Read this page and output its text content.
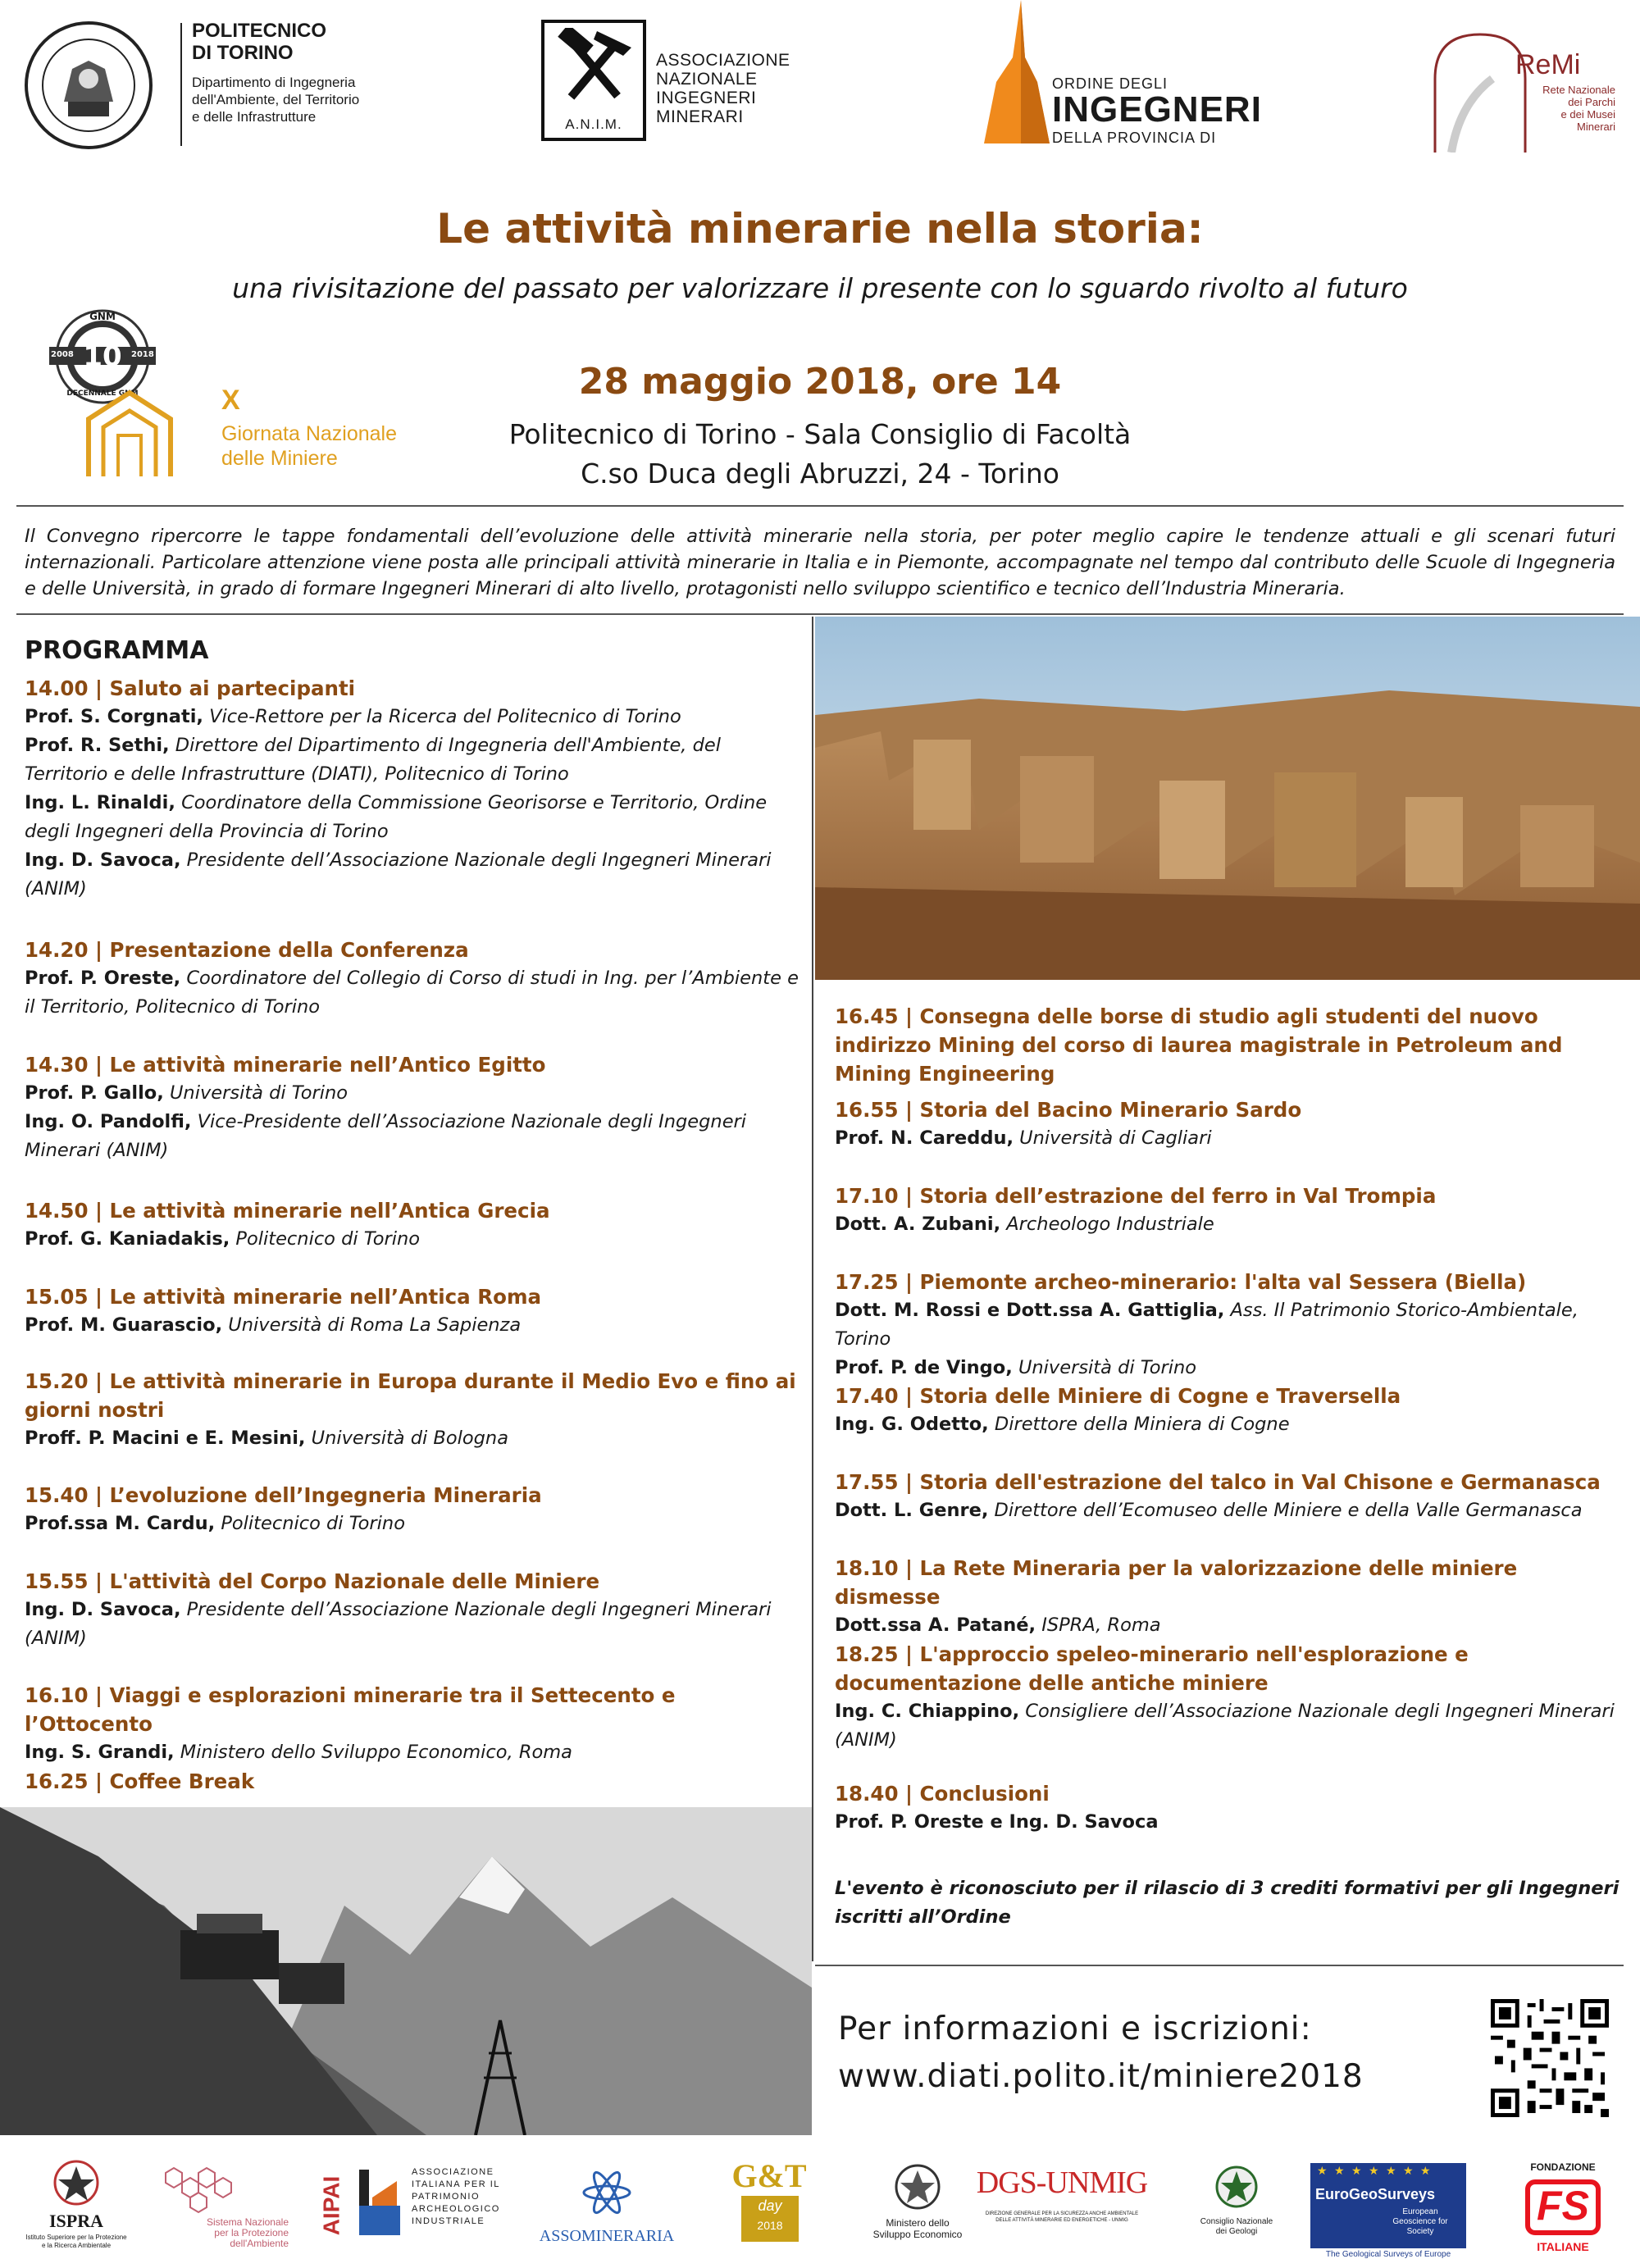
POLITECNICO
DI TORINO
Dipartimento di Ingegneria
dell'Ambiente, del Territorio
e delle Infrastrutture	A.N.I.M.
ASSOCIAZIONE
NAZIONALE
INGEGNERI
MINERARI
ORDINE DEGLI
INGEGNERI
DELLA PROVINCIA DI
ReMi
Rete Nazionale
dei Parchi
e dei Musei
Minerari
Le attività minerarie nella storia:
una rivisitazione del passato per valorizzare il presente con lo sguardo rivolto al futuro
10
GNM
2008	2018
DECENNALE GNM	X
Giornata Nazionale
delle Miniere
28 maggio 2018, ore 14
Politecnico di Torino - Sala Consiglio di Facoltà
C.so Duca degli Abruzzi, 24 - Torino
Il Convegno ripercorre le tappe fondamentali dell’evoluzione delle attività minerarie nella storia, per poter meglio capire le tendenze attuali e gli scenari futuri internazionali. Particolare attenzione viene posta alle principali attività minerarie in Italia e in Piemonte, accompagnate nel tempo dal contributo delle Scuole di Ingegneria e delle Università, in grado di formare Ingegneri Minerari di alto livello, protagonisti nello sviluppo scientifico e tecnico dell’Industria Mineraria.
PROGRAMMA
14.00 | Saluto ai partecipanti
Prof. S. Corgnati, Vice-Rettore per la Ricerca del Politecnico di Torino
Prof. R. Sethi, Direttore del Dipartimento di Ingegneria dell'Ambiente, del Territorio e delle Infrastrutture (DIATI), Politecnico di Torino
Ing. L. Rinaldi, Coordinatore della Commissione Georisorse e Territorio, Ordine degli Ingegneri della Provincia di Torino
Ing. D. Savoca, Presidente dell’Associazione Nazionale degli Ingegneri Minerari (ANIM)
14.20 | Presentazione della Conferenza
Prof. P. Oreste, Coordinatore del Collegio di Corso di studi in Ing. per l’Ambiente e il Territorio, Politecnico di Torino
14.30 | Le attività minerarie nell’Antico Egitto
Prof. P. Gallo, Università di Torino
Ing. O. Pandolfi, Vice-Presidente dell’Associazione Nazionale degli Ingegneri Minerari (ANIM)
14.50 | Le attività minerarie nell’Antica Grecia
Prof. G. Kaniadakis, Politecnico di Torino
15.05 | Le attività minerarie nell’Antica Roma
Prof. M. Guarascio, Università di Roma La Sapienza
15.20 | Le attività minerarie in Europa durante il Medio Evo e fino ai giorni nostri
Proff. P. Macini e E. Mesini, Università di Bologna
15.40 | L’evoluzione dell’Ingegneria Mineraria
Prof.ssa M. Cardu, Politecnico di Torino
15.55 | L'attività del Corpo Nazionale delle Miniere
Ing. D. Savoca, Presidente dell’Associazione Nazionale degli Ingegneri Minerari (ANIM)
16.10 | Viaggi e esplorazioni minerarie tra il Settecento e l’Ottocento
Ing. S. Grandi, Ministero dello Sviluppo Economico, Roma
16.25 | Coffee Break
16.45 | Consegna delle borse di studio agli studenti del nuovo indirizzo Mining del corso di laurea magistrale in Petroleum and Mining Engineering
16.55 | Storia del Bacino Minerario Sardo
Prof. N. Careddu, Università di Cagliari
17.10 | Storia dell’estrazione del ferro in Val Trompia
Dott. A. Zubani, Archeologo Industriale
17.25 | Piemonte archeo-minerario: l'alta val Sessera (Biella)
Dott. M. Rossi e Dott.ssa A. Gattiglia, Ass. Il Patrimonio Storico-Ambientale, Torino
Prof. P. de Vingo, Università di Torino
17.40 | Storia delle Miniere di Cogne e Traversella
Ing. G. Odetto, Direttore della Miniera di Cogne
17.55 | Storia dell'estrazione del talco in Val Chisone e Germanasca
Dott. L. Genre, Direttore dell’Ecomuseo delle Miniere e della Valle Germanasca
18.10 | La Rete Mineraria per la valorizzazione delle miniere dismesse
Dott.ssa A. Patané, ISPRA, Roma
18.25 | L'approccio speleo-minerario nell'esplorazione e documentazione delle antiche miniere
Ing. C. Chiappino, Consigliere dell’Associazione Nazionale degli Ingegneri Minerari (ANIM)
18.40 | Conclusioni
Prof. P. Oreste e Ing. D. Savoca
L'evento è riconosciuto per il rilascio di 3 crediti formativi per gli Ingegneri iscritti all’Ordine
Per informazioni e iscrizioni:
www.diati.polito.it/miniere2018
ISPRA
Istituto Superiore per la Protezione
e la Ricerca Ambientale
Sistema Nazionale
per la Protezione
dell'Ambiente
AIPAI
ASSOCIAZIONE
ITALIANA PER IL
PATRIMONIO
ARCHEOLOGICO
INDUSTRIALE
ASSOMINERARIA
G&T
day
2018	Ministero dello
Sviluppo Economico
DGS-UNMIG
DIREZIONE GENERALE PER LA SICUREZZA ANCHE AMBIENTALE
DELLE ATTIVITÀ MINERARIE ED ENERGETICHE - UNMIG	Consiglio Nazionale
dei Geologi
★ ★ ★ ★ ★ ★ ★
EuroGeoSurveys
European
Geoscience for
Society
The Geological Surveys of Europe
FONDAZIONE
FS
ITALIANE
